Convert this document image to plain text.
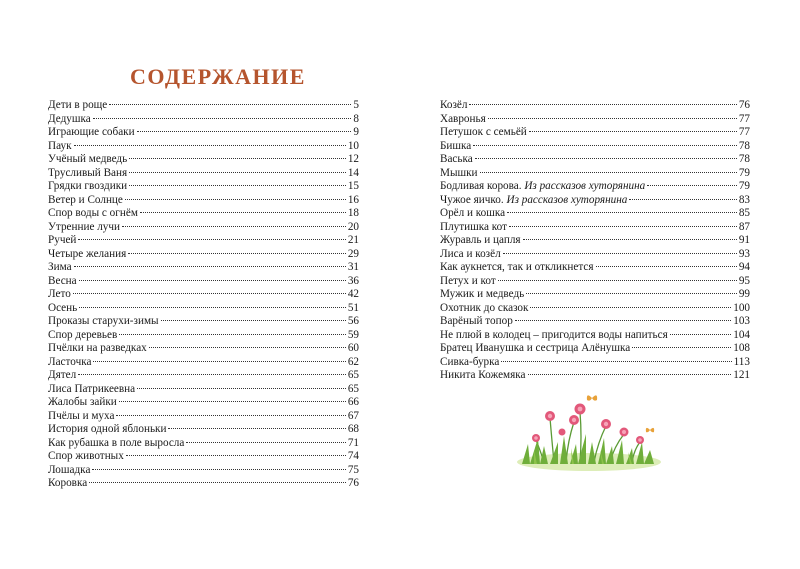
СОДЕРЖАНИЕ
Дети в роще	5
Дедушка	8
Играющие собаки	9
Паук	10
Учёный медведь	12
Трусливый Ваня	14
Грядки гвоздики	15
Ветер и Солнце	16
Спор воды с огнём	18
Утренние лучи	20
Ручей	21
Четыре желания	29
Зима	31
Весна	36
Лето	42
Осень	51
Проказы старухи-зимы	56
Спор деревьев	59
Пчёлки на разведках	60
Ласточка	62
Дятел	65
Лиса Патрикеевна	65
Жалобы зайки	66
Пчёлы и муха	67
История одной яблоньки	68
Как рубашка в поле выросла	71
Спор животных	74
Лошадка	75
Коровка	76
Козёл	76
Хавронья	77
Петушок с семьёй	77
Бишка	78
Васька	78
Мышки	79
Бодливая корова. Из рассказов хуторянина	79
Чужое яичко. Из рассказов хуторянина	83
Орёл и кошка	85
Плутишка кот	87
Журавль и цапля	91
Лиса и козёл	93
Как аукнется, так и откликнется	94
Петух и кот	95
Мужик и медведь	99
Охотник до сказок	100
Варёный топор	103
Не плюй в колодец – пригодится воды напиться	104
Братец Иванушка и сестрица Алёнушка	108
Сивка-бурка	113
Никита Кожемяка	121
